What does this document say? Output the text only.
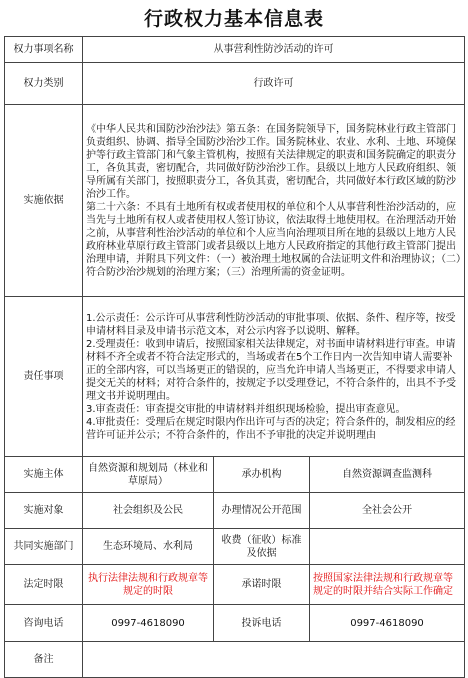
行政权力基本信息表
权力事项名称	从事营利性防沙活动的许可		
权力类别	行政许可		
实施依据	《中华人民共和国防沙治沙法》第五条：在国务院领导下，国务院林业行政主管部门负责组织、协调、指导全国防沙治沙工作。国务院林业、农业、水利、土地、环境保护等行政主管部门和气象主管机构，按照有关法律规定的职责和国务院确定的职责分工，各负其责，密切配合，共同做好防沙治沙工作。县级以上地方人民政府组织、领导所属有关部门，按照职责分工，各负其责，密切配合，共同做好本行政区域的防沙治沙工作。
第二十六条：不具有土地所有权或者使用权的单位和个人从事营利性治沙活动的，应当先与土地所有权人或者使用权人签订协议，依法取得土地使用权。在治理活动开始之前，从事营利性治沙活动的单位和个人应当向治理项目所在地的县级以上地方人民政府林业草原行政主管部门或者县级以上地方人民政府指定的其他行政主管部门提出治理申请，并附具下列文件：（一）被治理土地权属的合法证明文件和治理协议；（二）符合防沙治沙规划的治理方案；（三）治理所需的资金证明。		

责任事项	1.公示责任：公示许可从事营利性防沙活动的审批事项、依据、条件、程序等，按受申请材料目录及申请书示范文本，对公示内容予以说明、解释。
2.受理责任：收到申请后，按照国家相关法律规定，对书面申请材料进行审查。申请材料不齐全或者不符合法定形式的，当场或者在5个工作日内一次告知申请人需要补正的全部内容，可以当场更正的错误的，应当允许申请人当场更正，不得要求申请人提交无关的材料；对符合条件的，按规定予以受理登记，不符合条件的，出具不予受理文书并说明理由。
3.审查责任：审查提交审批的申请材料并组织现场检验，提出审查意见。
4.审批责任：受理后在规定时限内作出许可与否的决定；符合条件的，制发相应的经营许可证并公示；不符合条件的，作出不予审批的决定并说明理由		

实施主体	自然资源和规划局（林业和草原局）	承办机构	自然资源调查监测科
实施对象	社会组织及公民	办理情况公开范围	全社会公开
共同实施部门	生态环境局、水利局	收费（征收）标准及依据	
法定时限	执行法律法规和行政规章等规定的时限	承诺时限	按照国家法律法规和行政规章等规定的时限并结合实际工作确定
咨询电话	0997-4618090	投诉电话	0997-4618090
备注			
